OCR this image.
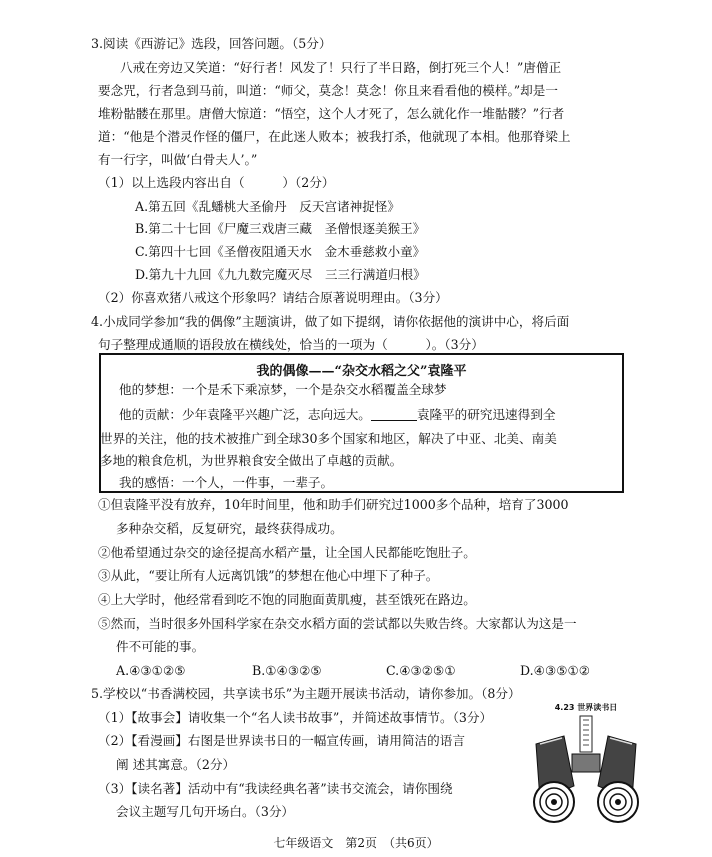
3.阅读《西游记》选段，回答问题。（5分）
八戒在旁边又笑道：“好行者！风发了！只行了半日路，倒打死三个人！”唐僧正
要念咒，行者急到马前，叫道：“师父，莫念！莫念！你且来看看他的模样。”却是一
堆粉骷髅在那里。唐僧大惊道：“悟空，这个人才死了，怎么就化作一堆骷髅？”行者
道：“他是个潜灵作怪的僵尸，在此迷人败本；被我打杀，他就现了本相。他那脊梁上
有一行字，叫做‘白骨夫人’。”
（1）以上选段内容出自（　　　）（2分）
A.第五回《乱蟠桃大圣偷丹　反天宫诸神捉怪》
B.第二十七回《尸魔三戏唐三藏　圣僧恨逐美猴王》
C.第四十七回《圣僧夜阻通天水　金木垂慈救小童》
D.第九十九回《九九数完魔灭尽　三三行满道归根》
（2）你喜欢猪八戒这个形象吗？请结合原著说明理由。（3分）
4.小成同学参加“我的偶像”主题演讲，做了如下提纲，请你依据他的演讲中心，将后面
句子整理成通顺的语段放在横线处，恰当的一项为（　　　）。（3分）
我的偶像——“杂交水稻之父”袁隆平
他的梦想：一个是禾下乘凉梦，一个是杂交水稻覆盖全球梦
他的贡献：少年袁隆平兴趣广泛，志向远大。	袁隆平的研究迅速得到全
世界的关注，他的技术被推广到全球30多个国家和地区，解决了中亚、北美、南美
多地的粮食危机，为世界粮食安全做出了卓越的贡献。
我的感悟：一个人，一件事，一辈子。
①但袁隆平没有放弃，10年时间里，他和助手们研究过1000多个品种，培育了3000
多种杂交稻，反复研究，最终获得成功。
②他希望通过杂交的途径提高水稻产量，让全国人民都能吃饱肚子。
③从此，“要让所有人远离饥饿”的梦想在他心中埋下了种子。
④上大学时，他经常看到吃不饱的同胞面黄肌瘦，甚至饿死在路边。
⑤然而，当时很多外国科学家在杂交水稻方面的尝试都以失败告终。大家都认为这是一
件不可能的事。
A.④③①②⑤	B.①④③②⑤	C.④③②⑤①	D.④③⑤①②
5.学校以“书香满校园，共享读书乐”为主题开展读书活动，请你参加。（8分）
（1）【故事会】请收集一个“名人读书故事”，并简述故事情节。（3分）
（2）【看漫画】右图是世界读书日的一幅宣传画，请用简洁的语言
阐 述其寓意。（2分）
（3）【读名著】活动中有“我读经典名著”读书交流会，请你围绕
会议主题写几句开场白。（3分）
4.23 世界读书日
七年级语文　第2页　（共6页）
